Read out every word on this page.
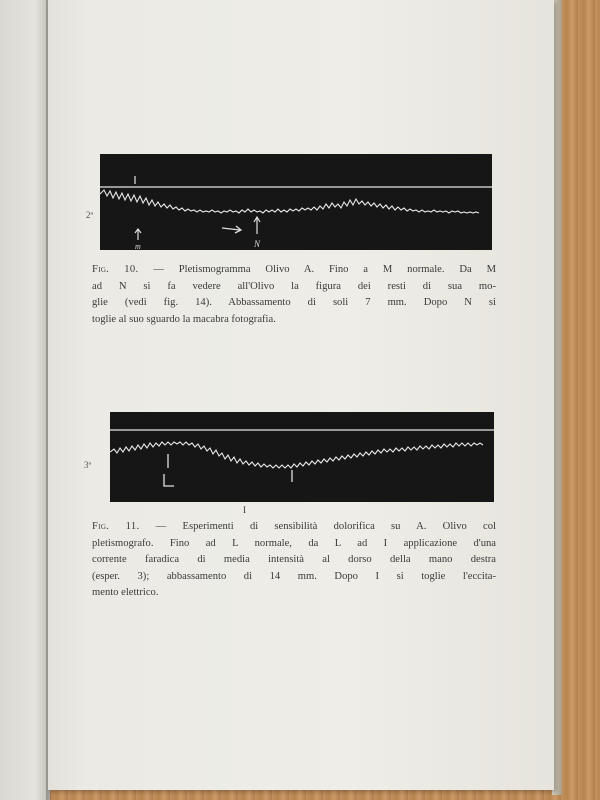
2ª
m	N
Fig. 10. — Pletismogramma Olivo A. Fino a M normale. Da M
ad N si fa vedere all'Olivo la figura dei resti di sua mo-
glie (vedi fig. 14). Abbassamento di soli 7 mm. Dopo N si
toglie al suo sguardo la macabra fotografia.
3ª
I
Fig. 11. — Esperimenti di sensibilità dolorifica su A. Olivo col
pletismografo. Fino ad L normale, da L ad I applicazione d'una
corrente faradica di media intensità al dorso della mano destra
(esper. 3); abbassamento di 14 mm. Dopo I si toglie l'eccita-
mento elettrico.
